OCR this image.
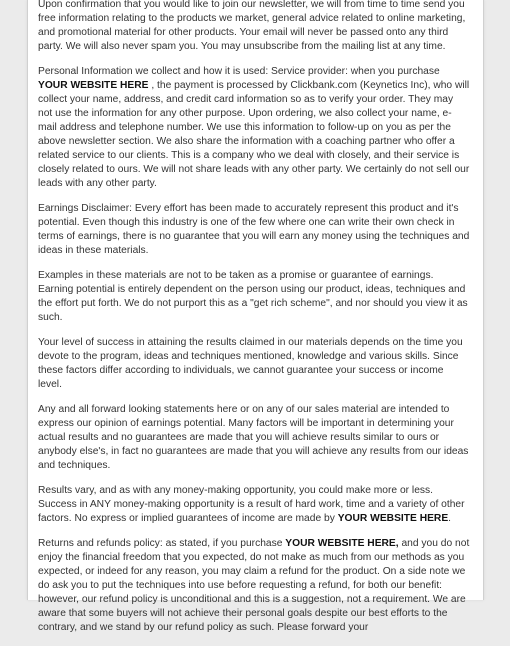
Upon confirmation that you would like to join our newsletter, we will from time to time send you free information relating to the products we market, general advice related to online marketing, and promotional material for other products. Your email will never be passed onto any third party. We will also never spam you. You may unsubscribe from the mailing list at any time.

Personal Information we collect and how it is used: Service provider: when you purchase YOUR WEBSITE HERE , the payment is processed by Clickbank.com (Keynetics Inc), who will collect your name, address, and credit card information so as to verify your order. They may not use the information for any other purpose. Upon ordering, we also collect your name, e-mail address and telephone number. We use this information to follow-up on you as per the above newsletter section. We also share the information with a coaching partner who offer a related service to our clients. This is a company who we deal with closely, and their service is closely related to ours. We will not share leads with any other party. We certainly do not sell our leads with any other party.

Earnings Disclaimer: Every effort has been made to accurately represent this product and it's potential. Even though this industry is one of the few where one can write their own check in terms of earnings, there is no guarantee that you will earn any money using the techniques and ideas in these materials.

Examples in these materials are not to be taken as a promise or guarantee of earnings. Earning potential is entirely dependent on the person using our product, ideas, techniques and the effort put forth. We do not purport this as a "get rich scheme", and nor should you view it as such.

Your level of success in attaining the results claimed in our materials depends on the time you devote to the program, ideas and techniques mentioned, knowledge and various skills. Since these factors differ according to individuals, we cannot guarantee your success or income level.

Any and all forward looking statements here or on any of our sales material are intended to express our opinion of earnings potential. Many factors will be important in determining your actual results and no guarantees are made that you will achieve results similar to ours or anybody else's, in fact no guarantees are made that you will achieve any results from our ideas and techniques.

Results vary, and as with any money-making opportunity, you could make more or less. Success in ANY money-making opportunity is a result of hard work, time and a variety of other factors. No express or implied guarantees of income are made by YOUR WEBSITE HERE.

Returns and refunds policy: as stated, if you purchase YOUR WEBSITE HERE, and you do not enjoy the financial freedom that you expected, do not make as much from our methods as you expected, or indeed for any reason, you may claim a refund for the product. On a side note we do ask you to put the techniques into use before requesting a refund, for both our benefit: however, our refund policy is unconditional and this is a suggestion, not a requirement. We are aware that some buyers will not achieve their personal goals despite our best efforts to the contrary, and we stand by our refund policy as such. Please forward your
